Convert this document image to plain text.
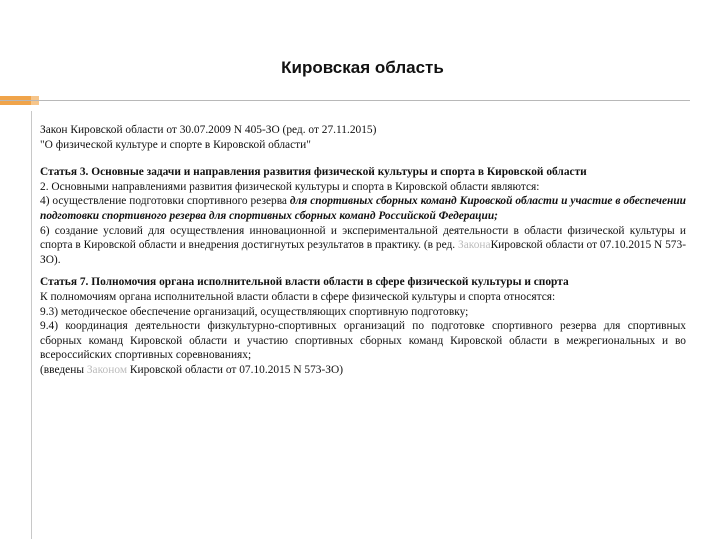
Кировская область

Закон Кировской области от 30.07.2009 N 405-ЗО (ред. от 27.11.2015)

"О физической культуре и спорте в Кировской области"

Статья 3. Основные задачи и направления развития физической культуры и спорта в Кировской области

2. Основными направлениями развития физической культуры и спорта в Кировской области являются:

4) осуществление подготовки спортивного резерва для спортивных сборных команд Кировской области и участие в обеспечении подготовки спортивного резерва для спортивных сборных команд Российской Федерации;

6) создание условий для осуществления инновационной и экспериментальной деятельности в области физической культуры и спорта в Кировской области и внедрения достигнутых результатов в практику. (в ред. ЗаконаКировской области от 07.10.2015 N 573-ЗО).

Статья 7. Полномочия органа исполнительной власти области в сфере физической культуры и спорта

К полномочиям органа исполнительной власти области в сфере физической культуры и спорта относятся:

9.3) методическое обеспечение организаций, осуществляющих спортивную подготовку;

9.4) координация деятельности физкультурно-спортивных организаций по подготовке спортивного резерва для спортивных сборных команд Кировской области и участию спортивных сборных команд Кировской области в межрегиональных и во всероссийских спортивных соревнованиях;

(введены Законом Кировской области от 07.10.2015 N 573-ЗО)
